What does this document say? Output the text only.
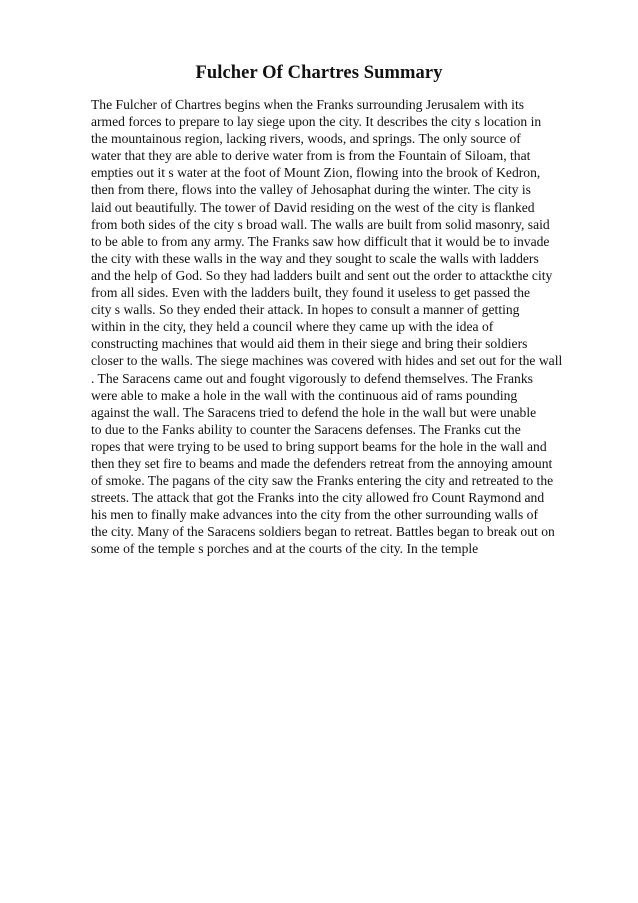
Fulcher Of Chartres Summary
The Fulcher of Chartres begins when the Franks surrounding Jerusalem with its
armed forces to prepare to lay siege upon the city. It describes the city s location in
the mountainous region, lacking rivers, woods, and springs. The only source of
water that they are able to derive water from is from the Fountain of Siloam, that
empties out it s water at the foot of Mount Zion, flowing into the brook of Kedron,
then from there, flows into the valley of Jehosaphat during the winter. The city is
laid out beautifully. The tower of David residing on the west of the city is flanked
from both sides of the city s broad wall. The walls are built from solid masonry, said
to be able to from any army. The Franks saw how difficult that it would be to invade
the city with these walls in the way and they sought to scale the walls with ladders
and the help of God. So they had ladders built and sent out the order to attackthe city
from all sides. Even with the ladders built, they found it useless to get passed the
city s walls. So they ended their attack. In hopes to consult a manner of getting
within in the city, they held a council where they came up with the idea of
constructing machines that would aid them in their siege and bring their soldiers
closer to the walls. The siege machines was covered with hides and set out for the wall
. The Saracens came out and fought vigorously to defend themselves. The Franks
were able to make a hole in the wall with the continuous aid of rams pounding
against the wall. The Saracens tried to defend the hole in the wall but were unable
to due to the Fanks ability to counter the Saracens defenses. The Franks cut the
ropes that were trying to be used to bring support beams for the hole in the wall and
then they set fire to beams and made the defenders retreat from the annoying amount
of smoke. The pagans of the city saw the Franks entering the city and retreated to the
streets. The attack that got the Franks into the city allowed fro Count Raymond and
his men to finally make advances into the city from the other surrounding walls of
the city. Many of the Saracens soldiers began to retreat. Battles began to break out on
some of the temple s porches and at the courts of the city. In the temple
